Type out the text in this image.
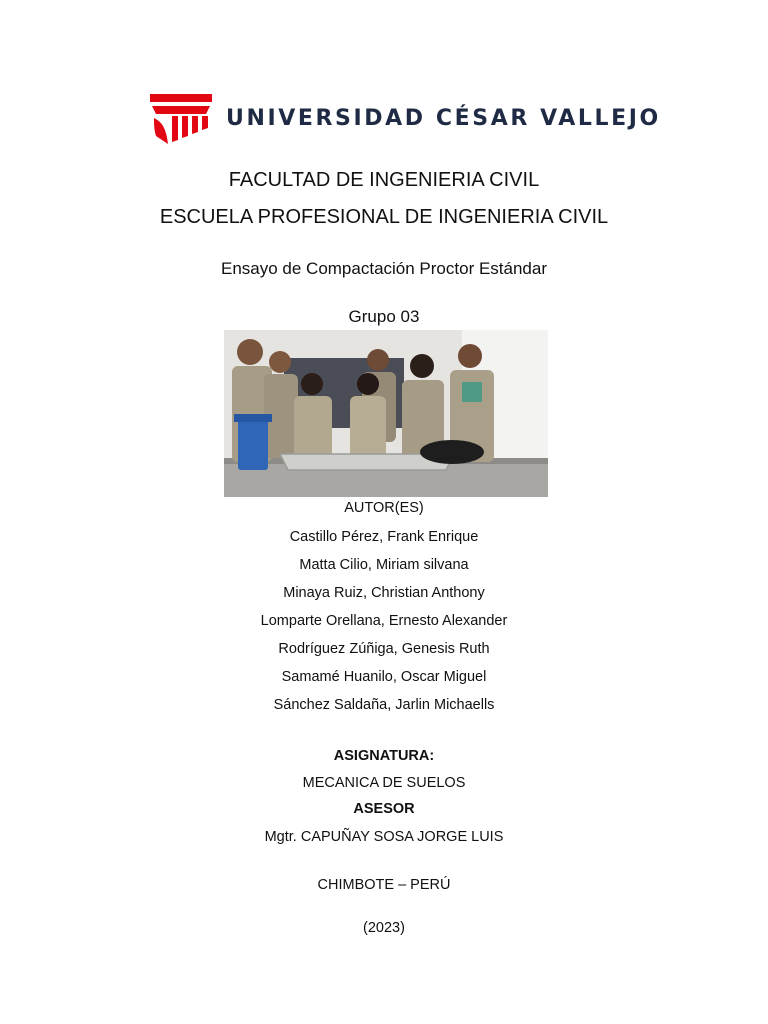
UNIVERSIDAD CÉSAR VALLEJO

FACULTAD DE INGENIERIA CIVIL

ESCUELA PROFESIONAL DE INGENIERIA CIVIL

Ensayo de Compactación Proctor Estándar

Grupo 03

AUTOR(ES)

Castillo Pérez, Frank Enrique

Matta Cilio, Miriam silvana

Minaya Ruiz, Christian Anthony

Lomparte Orellana, Ernesto Alexander

Rodríguez Zúñiga, Genesis Ruth

Samamé Huanilo, Oscar Miguel

Sánchez Saldaña, Jarlin Michaells

ASIGNATURA:

MECANICA DE SUELOS

ASESOR

Mgtr. CAPUÑAY SOSA JORGE LUIS

CHIMBOTE – PERÚ

(2023)
